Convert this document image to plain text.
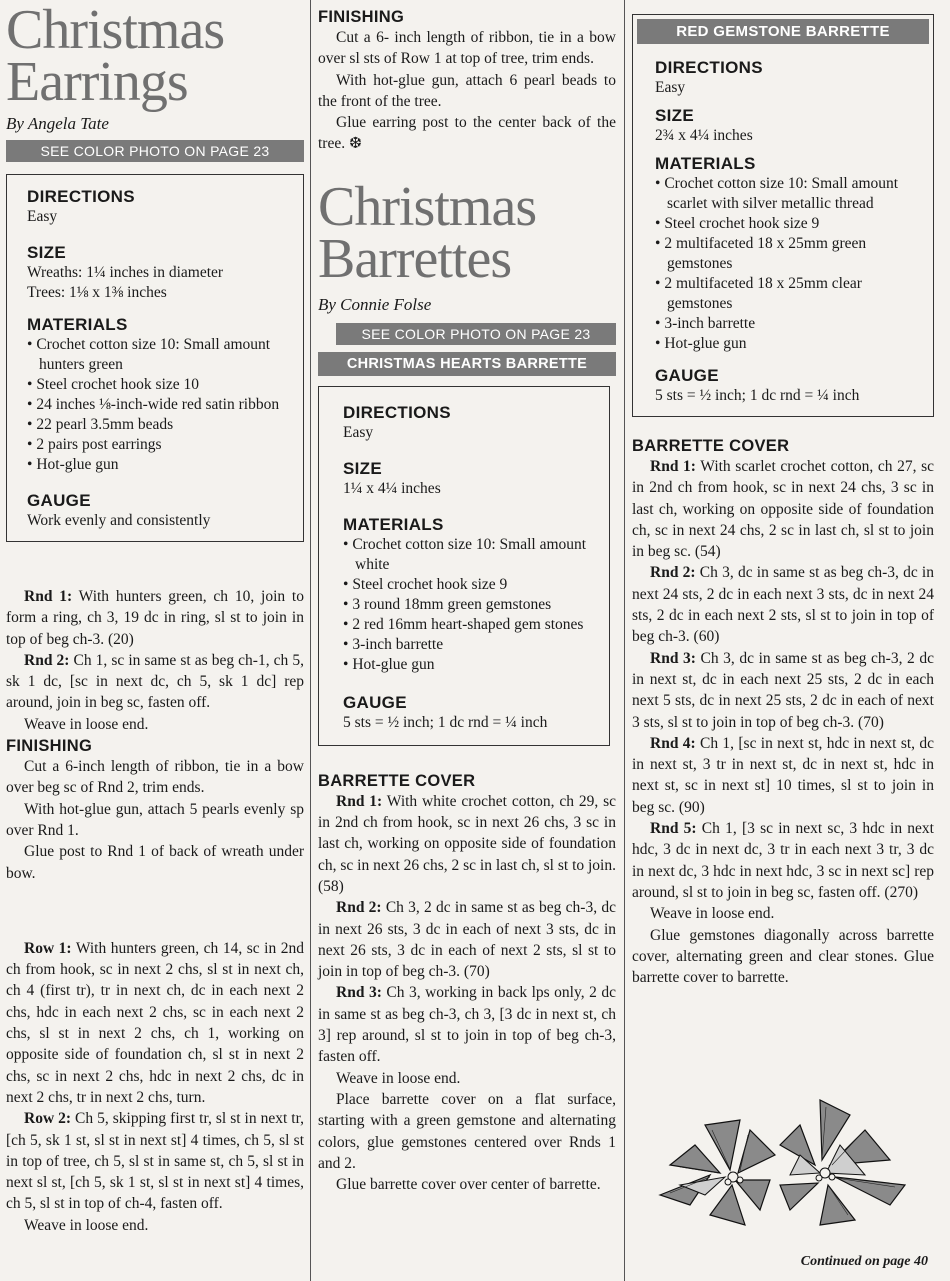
Christmas
Earrings
By Angela Tate
SEE COLOR PHOTO ON PAGE 23
DIRECTIONS
Easy
SIZE
Wreaths: 1¼ inches in diameter
Trees: 1⅛ x 1⅜ inches
MATERIALS
• Crochet cotton size 10: Small amount hunters green
• Steel crochet hook size 10
• 24 inches ⅛-inch-wide red satin ribbon
• 22 pearl 3.5mm beads
• 2 pairs post earrings
• Hot-glue gun
GAUGE
Work evenly and consistently

Rnd 1: With hunters green, ch 10, join to form a ring, ch 3, 19 dc in ring, sl st to join in top of beg ch-3. (20)

Rnd 2: Ch 1, sc in same st as beg ch-1, ch 5, sk 1 dc, [sc in next dc, ch 5, sk 1 dc] rep around, join in beg sc, fasten off.

Weave in loose end.

FINISHING

Cut a 6-inch length of ribbon, tie in a bow over beg sc of Rnd 2, trim ends.

With hot-glue gun, attach 5 pearls evenly sp over Rnd 1.

Glue post to Rnd 1 of back of wreath under bow.

Row 1: With hunters green, ch 14, sc in 2nd ch from hook, sc in next 2 chs, sl st in next ch, ch 4 (first tr), tr in next ch, dc in each next 2 chs, hdc in each next 2 chs, sc in each next 2 chs, sl st in next 2 chs, ch 1, working on opposite side of foundation ch, sl st in next 2 chs, sc in next 2 chs, hdc in next 2 chs, dc in next 2 chs, tr in next 2 chs, turn.

Row 2: Ch 5, skipping first tr, sl st in next tr, [ch 5, sk 1 st, sl st in next st] 4 times, ch 5, sl st in top of tree, ch 5, sl st in same st, ch 5, sl st in next sl st, [ch 5, sk 1 st, sl st in next st] 4 times, ch 5, sl st in top of ch-4, fasten off.

Weave in loose end.

FINISHING

Cut a 6- inch length of ribbon, tie in a bow over sl sts of Row 1 at top of tree, trim ends.

With hot-glue gun, attach 6 pearl beads to the front of the tree.

Glue earring post to the center back of the tree. ❆

Christmas
Barrettes
By Connie Folse
SEE COLOR PHOTO ON PAGE 23
CHRISTMAS HEARTS BARRETTE
DIRECTIONS
Easy
SIZE
1¼ x 4¼ inches
MATERIALS
• Crochet cotton size 10: Small amount white
• Steel crochet hook size 9
• 3 round 18mm green gemstones
• 2 red 16mm heart-shaped gem stones
• 3-inch barrette
• Hot-glue gun
GAUGE
5 sts = ½ inch; 1 dc rnd = ¼ inch
BARRETTE COVER

Rnd 1: With white crochet cotton, ch 29, sc in 2nd ch from hook, sc in next 26 chs, 3 sc in last ch, working on opposite side of foundation ch, sc in next 26 chs, 2 sc in last ch, sl st to join. (58)

Rnd 2: Ch 3, 2 dc in same st as beg ch-3, dc in next 26 sts, 3 dc in each of next 3 sts, dc in next 26 sts, 3 dc in each of next 2 sts, sl st to join in top of beg ch-3. (70)

Rnd 3: Ch 3, working in back lps only, 2 dc in same st as beg ch-3, ch 3, [3 dc in next st, ch 3] rep around, sl st to join in top of beg ch-3, fasten off.

Weave in loose end.

Place barrette cover on a flat surface, starting with a green gemstone and alternating colors, glue gemstones centered over Rnds 1 and 2.

Glue barrette cover over center of barrette.

RED GEMSTONE BARRETTE
DIRECTIONS
Easy
SIZE
2¾ x 4¼ inches
MATERIALS
• Crochet cotton size 10: Small amount scarlet with silver metallic thread
• Steel crochet hook size 9
• 2 multifaceted 18 x 25mm green gemstones
• 2 multifaceted 18 x 25mm clear gemstones
• 3-inch barrette
• Hot-glue gun
GAUGE
5 sts = ½ inch; 1 dc rnd = ¼ inch
BARRETTE COVER

Rnd 1: With scarlet crochet cotton, ch 27, sc in 2nd ch from hook, sc in next 24 chs, 3 sc in last ch, working on opposite side of foundation ch, sc in next 24 chs, 2 sc in last ch, sl st to join in beg sc. (54)

Rnd 2: Ch 3, dc in same st as beg ch-3, dc in next 24 sts, 2 dc in each next 3 sts, dc in next 24 sts, 2 dc in each next 2 sts, sl st to join in top of beg ch-3. (60)

Rnd 3: Ch 3, dc in same st as beg ch-3, 2 dc in next st, dc in each next 25 sts, 2 dc in each next 5 sts, dc in next 25 sts, 2 dc in each of next 3 sts, sl st to join in top of beg ch-3. (70)

Rnd 4: Ch 1, [sc in next st, hdc in next st, dc in next st, 3 tr in next st, dc in next st, hdc in next st, sc in next st] 10 times, sl st to join in beg sc. (90)

Rnd 5: Ch 1, [3 sc in next sc, 3 hdc in next hdc, 3 dc in next dc, 3 tr in each next 3 tr, 3 dc in next dc, 3 hdc in next hdc, 3 sc in next sc] rep around, sl st to join in beg sc, fasten off. (270)

Weave in loose end.

Glue gemstones diagonally across barrette cover, alternating green and clear stones. Glue barrette cover to barrette.

Continued on page 40
